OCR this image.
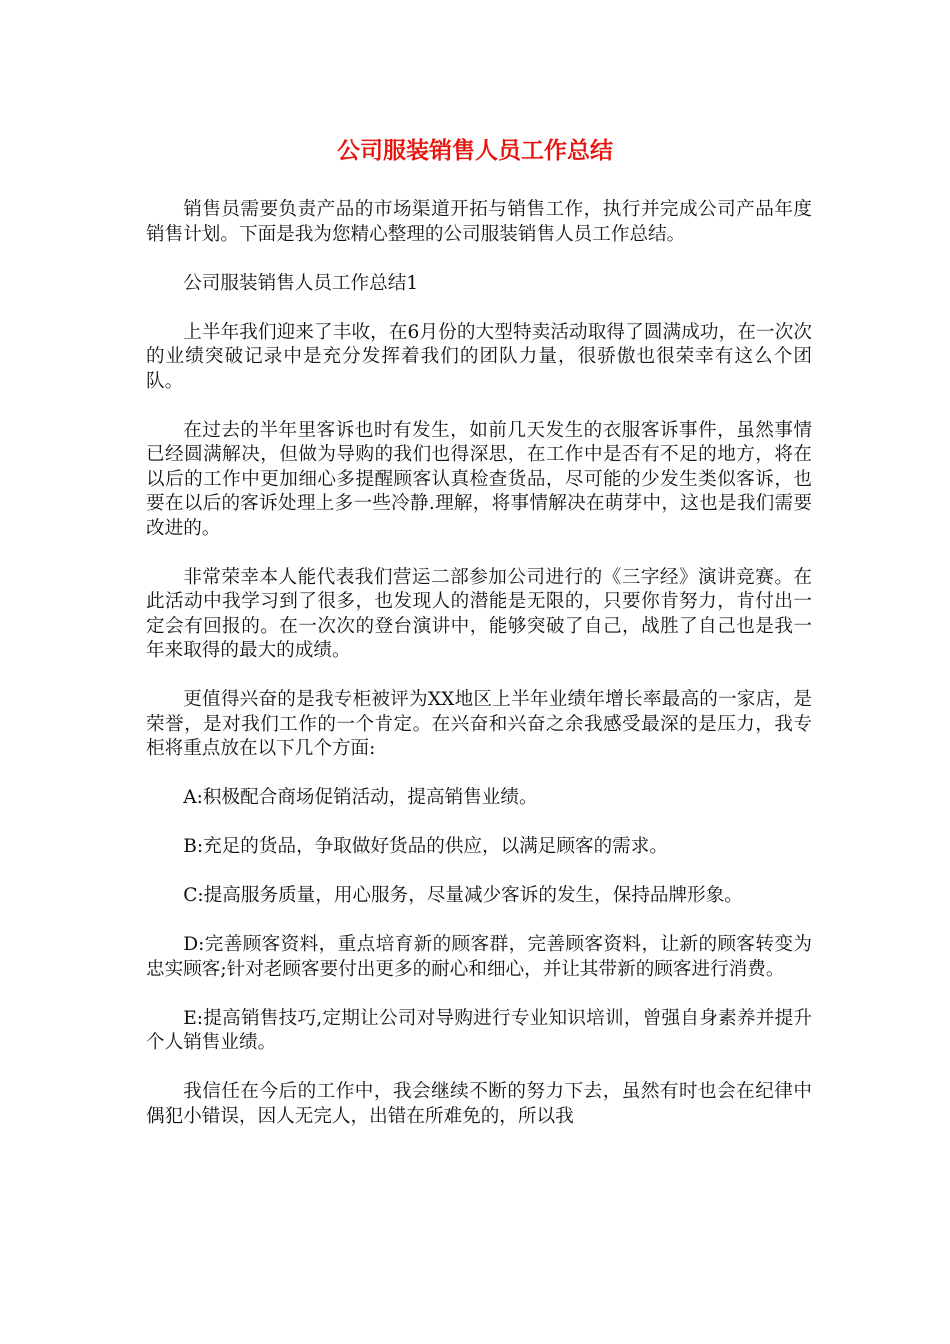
公司服装销售人员工作总结

销售员需要负责产品的市场渠道开拓与销售工作，执行并完成公司产品年度销售计划。下面是我为您精心整理的公司服装销售人员工作总结。

公司服装销售人员工作总结1

上半年我们迎来了丰收，在6月份的大型特卖活动取得了圆满成功，在一次次的业绩突破记录中是充分发挥着我们的团队力量，很骄傲也很荣幸有这么个团队。

在过去的半年里客诉也时有发生，如前几天发生的衣服客诉事件，虽然事情已经圆满解决，但做为导购的我们也得深思，在工作中是否有不足的地方，将在以后的工作中更加细心多提醒顾客认真检查货品，尽可能的少发生类似客诉，也要在以后的客诉处理上多一些冷静.理解，将事情解决在萌芽中，这也是我们需要改进的。

非常荣幸本人能代表我们营运二部参加公司进行的《三字经》演讲竞赛。在此活动中我学习到了很多，也发现人的潜能是无限的，只要你肯努力，肯付出一定会有回报的。在一次次的登台演讲中，能够突破了自己，战胜了自己也是我一年来取得的最大的成绩。

更值得兴奋的是我专柜被评为XX地区上半年业绩年增长率最高的一家店，是荣誉，是对我们工作的一个肯定。在兴奋和兴奋之余我感受最深的是压力，我专柜将重点放在以下几个方面:

A:积极配合商场促销活动，提高销售业绩。

B:充足的货品，争取做好货品的供应，以满足顾客的需求。

C:提高服务质量，用心服务，尽量减少客诉的发生，保持品牌形象。

D:完善顾客资料，重点培育新的顾客群，完善顾客资料，让新的顾客转变为忠实顾客;针对老顾客要付出更多的耐心和细心，并让其带新的顾客进行消费。

E:提高销售技巧,定期让公司对导购进行专业知识培训，曾强自身素养并提升个人销售业绩。

我信任在今后的工作中，我会继续不断的努力下去，虽然有时也会在纪律中偶犯小错误，因人无完人，出错在所难免的，所以我
